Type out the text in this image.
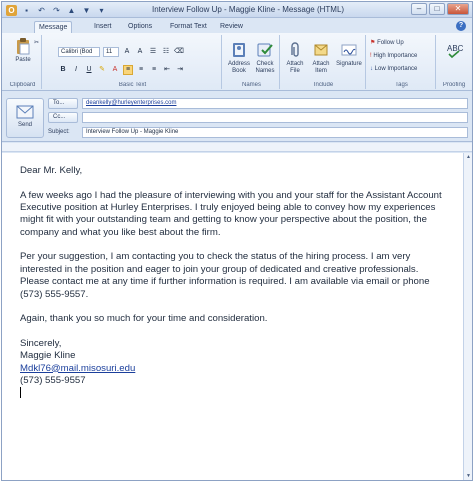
O	▪	↶ ↷ ▲ ▼	▾	Interview Follow Up - Maggie Kline - Message (HTML)	–	□	✕
Message	Insert	Options	Format Text	Review	?
Paste
✂
Clipboard
Calibri (Bod	11	A	A	☰ ☷ ⌫
B	I	U	✎	A	≡	≡	≡	⇤ ⇥
Basic Text
Address Book
Check Names
Names
Attach File
Attach Item
Signature
Include
⚑ Follow Up
! High Importance
↓ Low Importance
Tags
ABC
Proofing
Send
To...	deankelly@hurleyenterprises.com
Cc...
Subject:	Interview Follow Up - Maggie Kline

Dear Mr. Kelly,

A few weeks ago I had the pleasure of interviewing with you and your staff for the Assistant Account Executive position at Hurley Enterprises. I truly enjoyed being able to convey how my experiences might fit with your outstanding team and getting to know your perspective about the position, the company and what you like best about the firm.

Per your suggestion, I am contacting you to check the status of the hiring process. I am very interested in the position and eager to join your group of dedicated and creative professionals. Please contact me at any time if further information is required. I am available via email or phone (573) 555-9557.

Again, thank you so much for your time and consideration.

Sincerely,
Maggie Kline
Mdkl76@mail.misosuri.edu
(573) 555-9557
▲
▼
